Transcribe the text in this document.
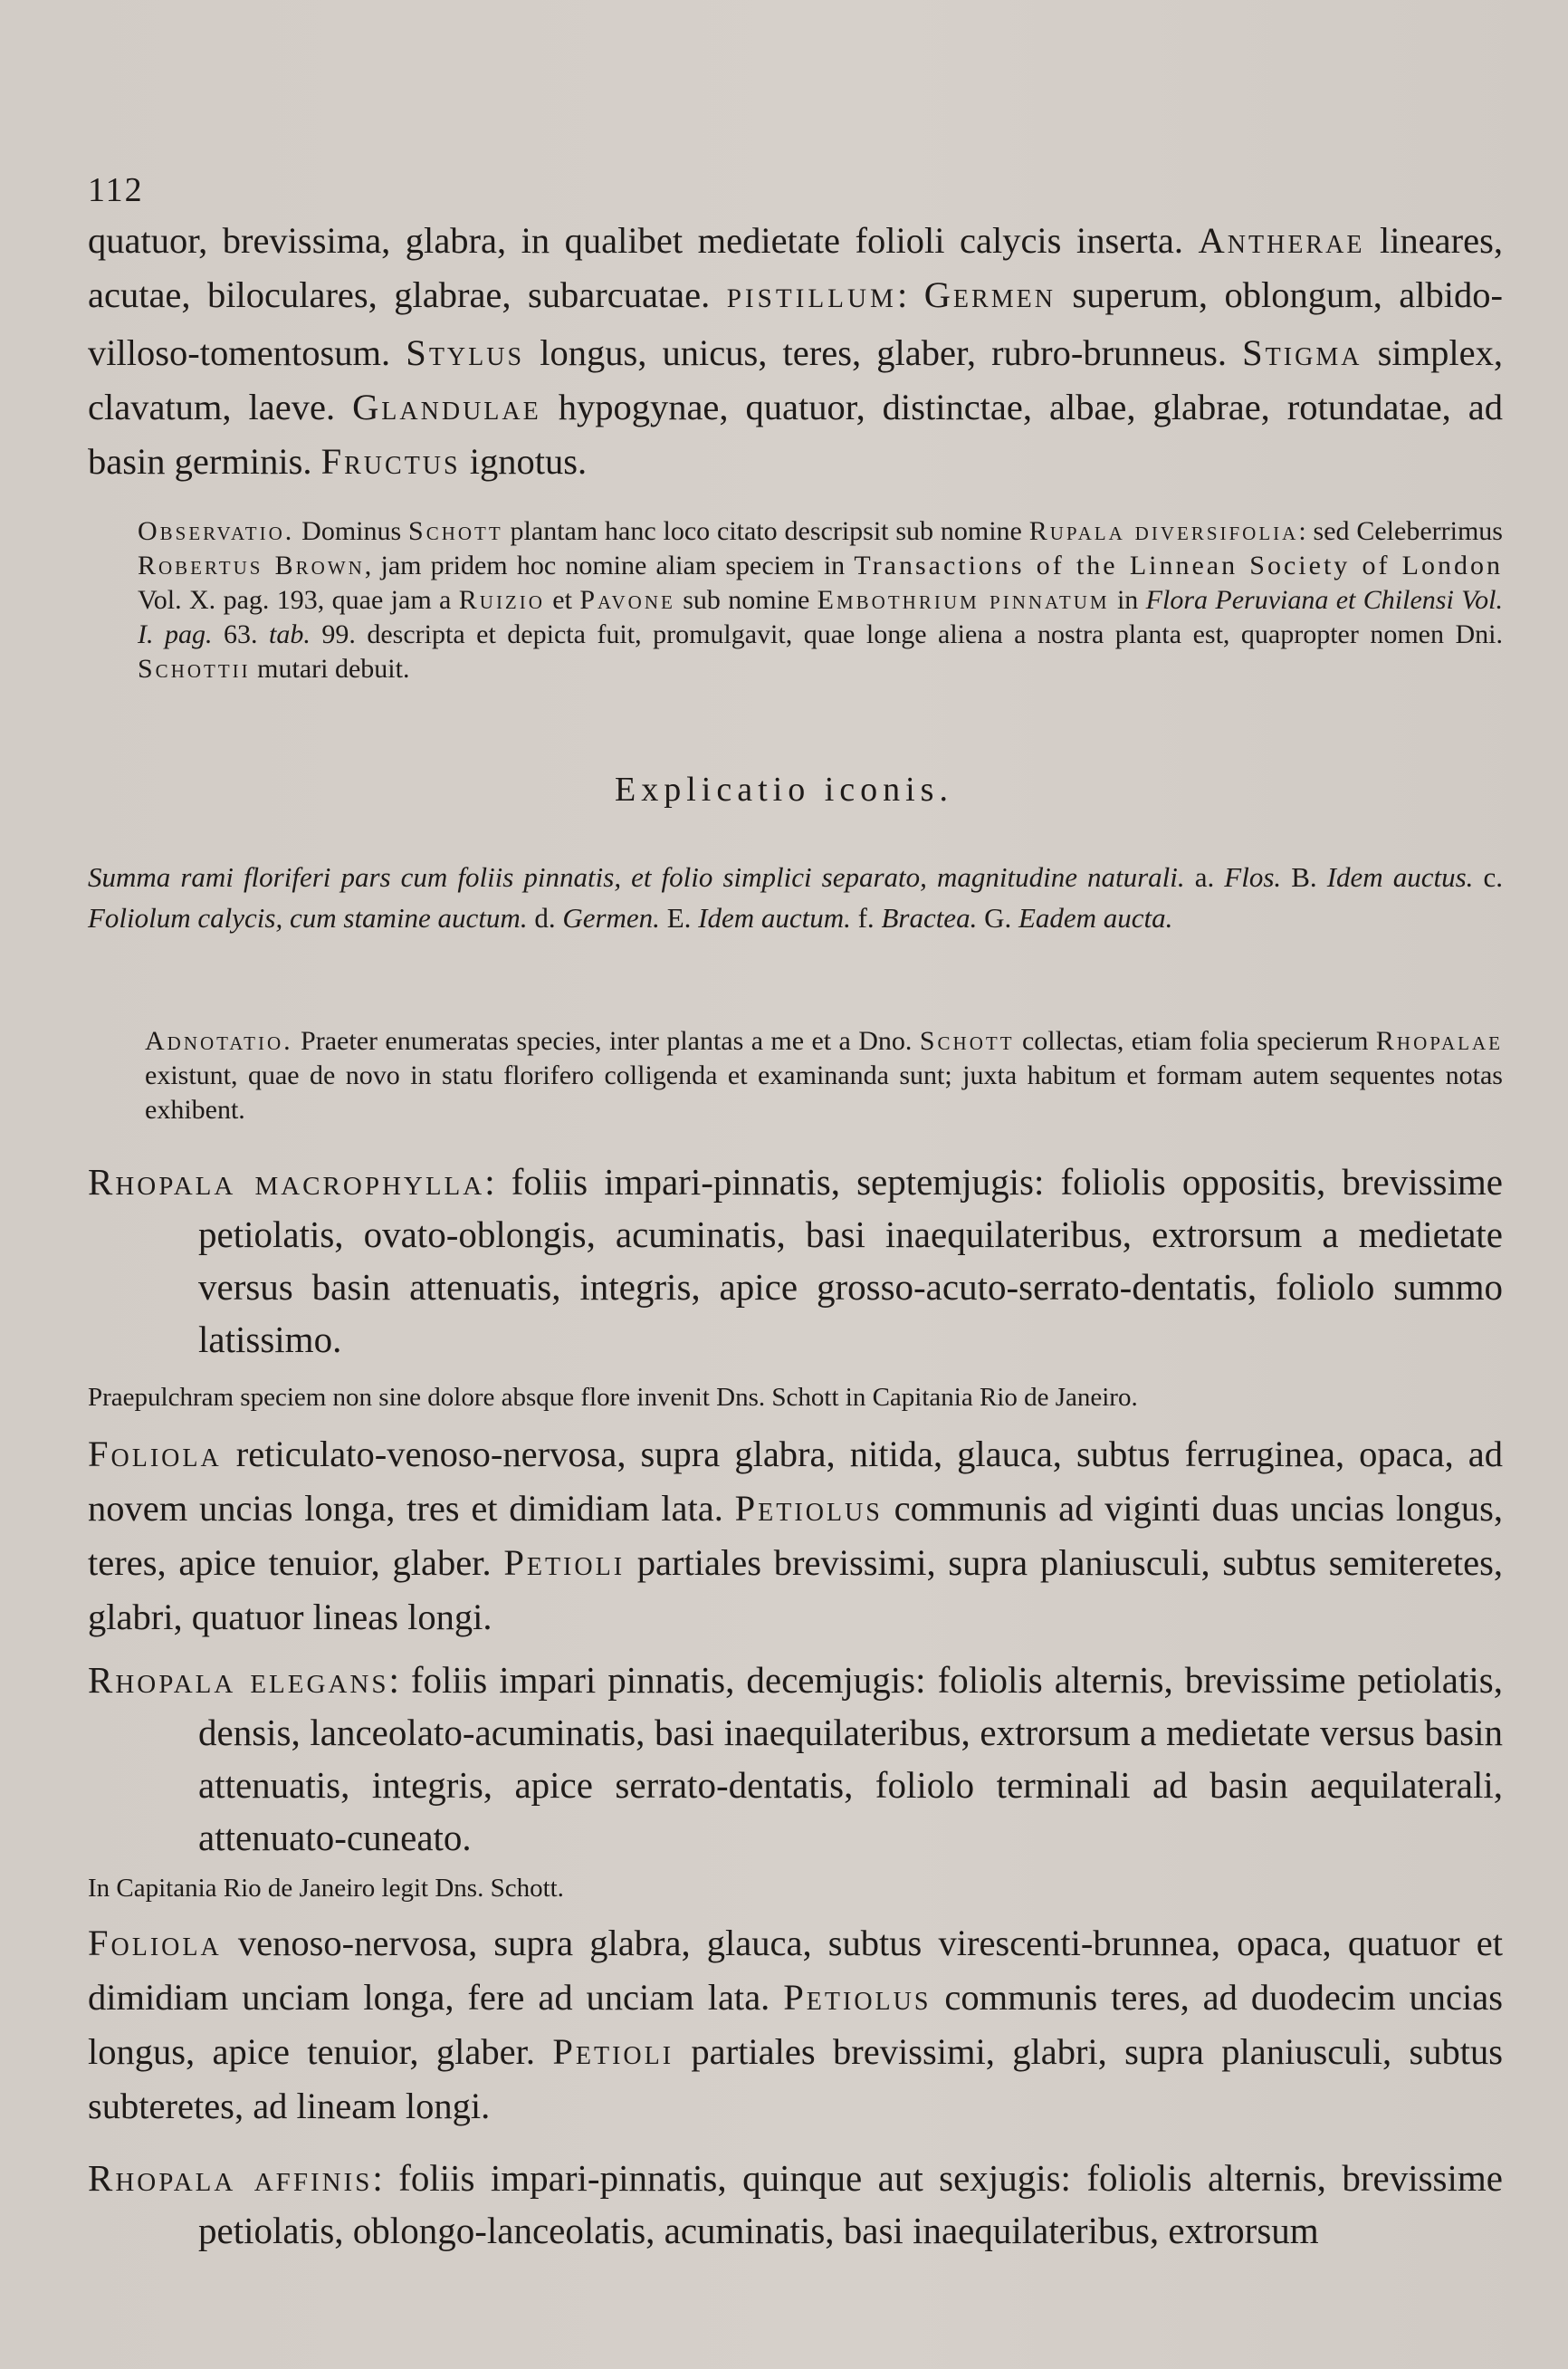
112

quatuor, brevissima, glabra, in qualibet medietate folioli calycis inserta. Antherae lineares, acutae, biloculares, glabrae, subarcuatae. PISTILLUM: Germen superum, oblongum, albido-villoso-tomentosum. Stylus longus, unicus, teres, glaber, rubro-brunneus. Stigma simplex, clavatum, laeve. Glandulae hypogynae, quatuor, distinctae, albae, glabrae, rotundatae, ad basin germinis. Fructus ignotus.

Observatio. Dominus Schott plantam hanc loco citato descripsit sub nomine Rupala diversifolia: sed Celeberrimus Robertus Brown, jam pridem hoc nomine aliam speciem in Transactions of the Linnean Society of London Vol. X. pag. 193, quae jam a Ruizio et Pavone sub nomine Embothrium pinnatum in Flora Peruviana et Chilensi Vol. I. pag. 63. tab. 99. descripta et depicta fuit, promulgavit, quae longe aliena a nostra planta est, quapropter nomen Dni. Schottii mutari debuit.

Explicatio iconis.

Summa rami floriferi pars cum foliis pinnatis, et folio simplici separato, magnitudine naturali. a. Flos. B. Idem auctus. c. Foliolum calycis, cum stamine auctum. d. Germen. E. Idem auctum. f. Bractea. G. Eadem aucta.

Adnotatio. Praeter enumeratas species, inter plantas a me et a Dno. Schott collectas, etiam folia specierum Rhopalae existunt, quae de novo in statu florifero colligenda et examinanda sunt; juxta habitum et formam autem sequentes notas exhibent.

Rhopala macrophylla: foliis impari-pinnatis, septemjugis: foliolis oppositis, brevissime petiolatis, ovato-oblongis, acuminatis, basi inaequilateribus, extrorsum a medietate versus basin attenuatis, integris, apice grosso-acuto-serrato-dentatis, foliolo summo latissimo.

Praepulchram speciem non sine dolore absque flore invenit Dns. Schott in Capitania Rio de Janeiro.

Foliola reticulato-venoso-nervosa, supra glabra, nitida, glauca, subtus ferruginea, opaca, ad novem uncias longa, tres et dimidiam lata. Petiolus communis ad viginti duas uncias longus, teres, apice tenuior, glaber. Petioli partiales brevissimi, supra planiusculi, subtus semiteretes, glabri, quatuor lineas longi.

Rhopala elegans: foliis impari pinnatis, decemjugis: foliolis alternis, brevissime petiolatis, densis, lanceolato-acuminatis, basi inaequilateribus, extrorsum a medietate versus basin attenuatis, integris, apice serrato-dentatis, foliolo terminali ad basin aequilaterali, attenuato-cuneato.

In Capitania Rio de Janeiro legit Dns. Schott.

Foliola venoso-nervosa, supra glabra, glauca, subtus virescenti-brunnea, opaca, quatuor et dimidiam unciam longa, fere ad unciam lata. Petiolus communis teres, ad duodecim uncias longus, apice tenuior, glaber. Petioli partiales brevissimi, glabri, supra planiusculi, subtus subteretes, ad lineam longi.

Rhopala affinis: foliis impari-pinnatis, quinque aut sexjugis: foliolis alternis, brevissime petiolatis, oblongo-lanceolatis, acuminatis, basi inaequilateribus, extrorsum
